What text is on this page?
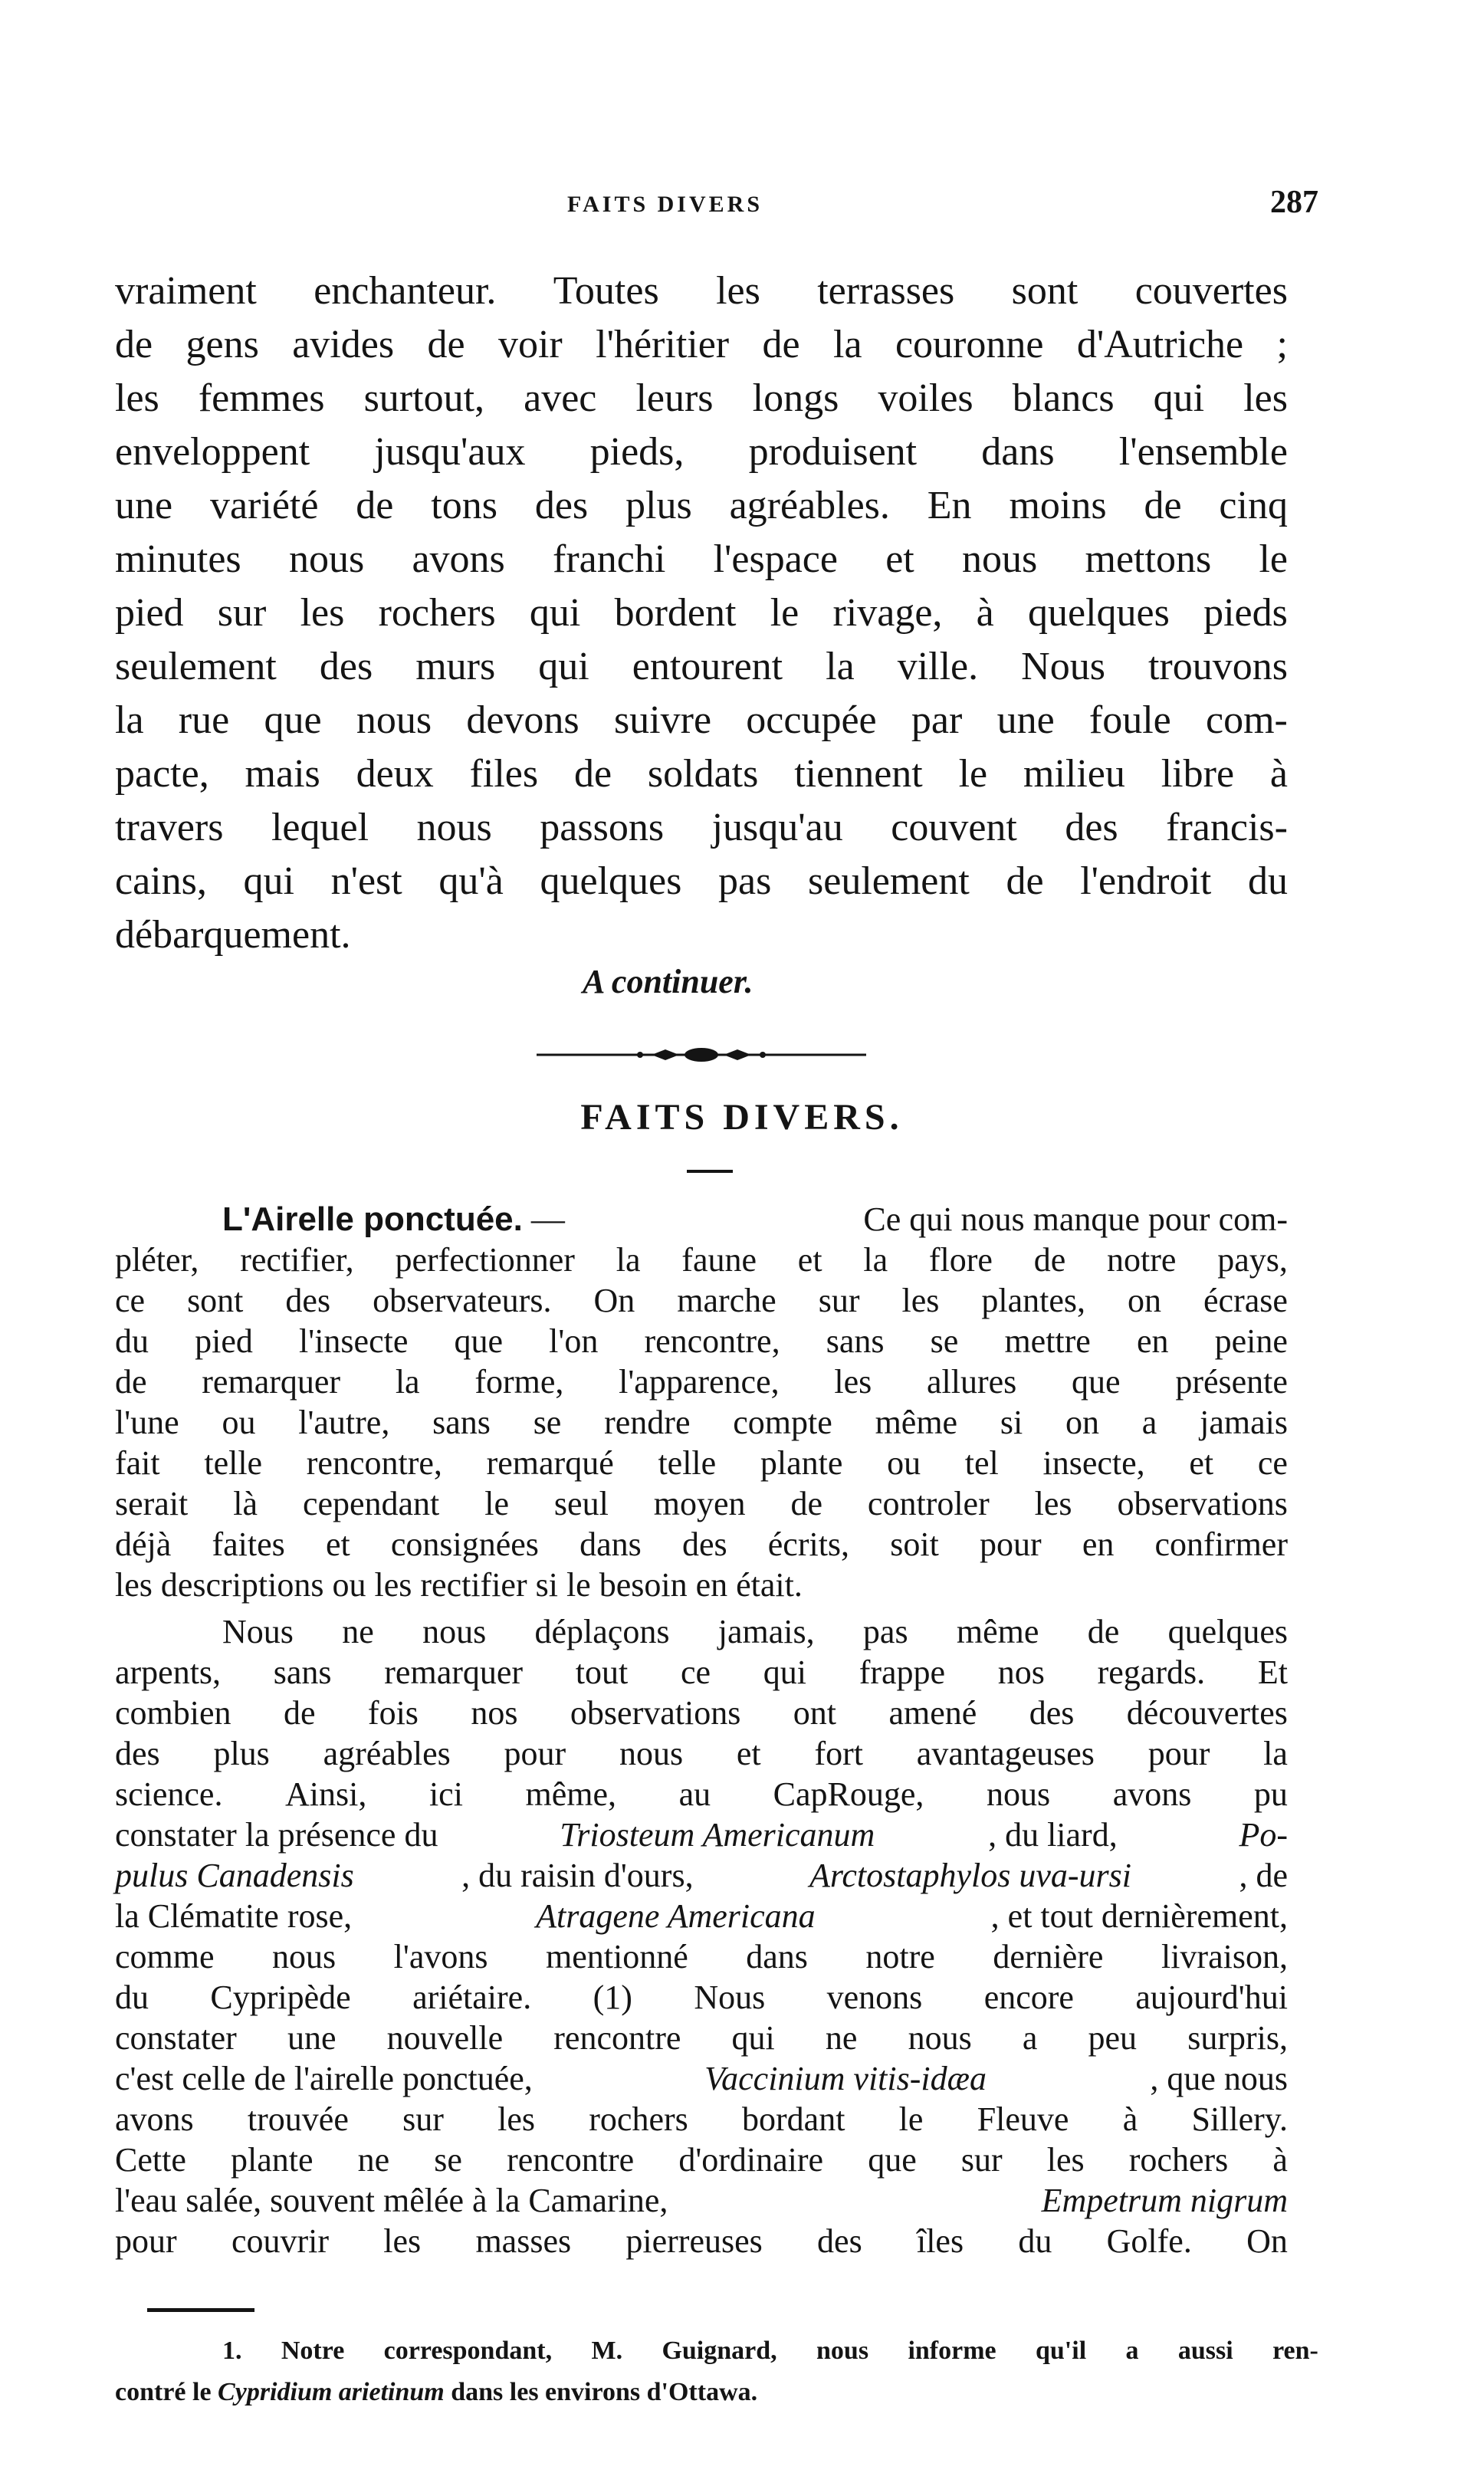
FAITS DIVERS	287
vraiment enchanteur. Toutes les terrasses sont couvertes
de gens avides de voir l'héritier de la couronne d'Autriche ;
les femmes surtout, avec leurs longs voiles blancs qui les
enveloppent jusqu'aux pieds, produisent dans l'ensemble
une variété de tons des plus agréables. En moins de cinq
minutes nous avons franchi l'espace et nous mettons le
pied sur les rochers qui bordent le rivage, à quelques pieds
seulement des murs qui entourent la ville. Nous trouvons
la rue que nous devons suivre occupée par une foule com-
pacte, mais deux files de soldats tiennent le milieu libre à
travers lequel nous passons jusqu'au couvent des francis-
cains, qui n'est qu'à quelques pas seulement de l'endroit du
débarquement.
A continuer.
FAITS DIVERS.
L'Airelle ponctuée. —	Ce qui nous manque pour com-
pléter, rectifier, perfectionner la faune et la flore de notre pays,
ce sont des observateurs. On marche sur les plantes, on écrase
du pied l'insecte que l'on rencontre, sans se mettre en peine
de remarquer la forme, l'apparence, les allures que présente
l'une ou l'autre, sans se rendre compte même si on a jamais
fait telle rencontre, remarqué telle plante ou tel insecte, et ce
serait là cependant le seul moyen de controler les observations
déjà faites et consignées dans des écrits, soit pour en confirmer
les descriptions ou les rectifier si le besoin en était.
Nous ne nous déplaçons jamais, pas même de quelques
arpents, sans remarquer tout ce qui frappe nos regards. Et
combien de fois nos observations ont amené des découvertes
des plus agréables pour nous et fort avantageuses pour la
science. Ainsi, ici même, au CapRouge, nous avons pu
constater la présence du	Triosteum Americanum	, du liard,	Po-
pulus Canadensis	, du raisin d'ours,	Arctostaphylos uva-ursi	, de
la Clématite rose,	Atragene Americana	, et tout dernièrement,
comme nous l'avons mentionné dans notre dernière livraison,
du Cypripède ariétaire. (1) Nous venons encore aujourd'hui
constater une nouvelle rencontre qui ne nous a peu surpris,
c'est celle de l'airelle ponctuée,	Vaccinium vitis-idæa	, que nous
avons trouvée sur les rochers bordant le Fleuve à Sillery.
Cette plante ne se rencontre d'ordinaire que sur les rochers à
l'eau salée, souvent mêlée à la Camarine,	Empetrum nigrum
pour couvrir les masses pierreuses des îles du Golfe. On
1. Notre correspondant, M. Guignard, nous informe qu'il a aussi ren-
contré le Cypridium arietinum dans les environs d'Ottawa.
